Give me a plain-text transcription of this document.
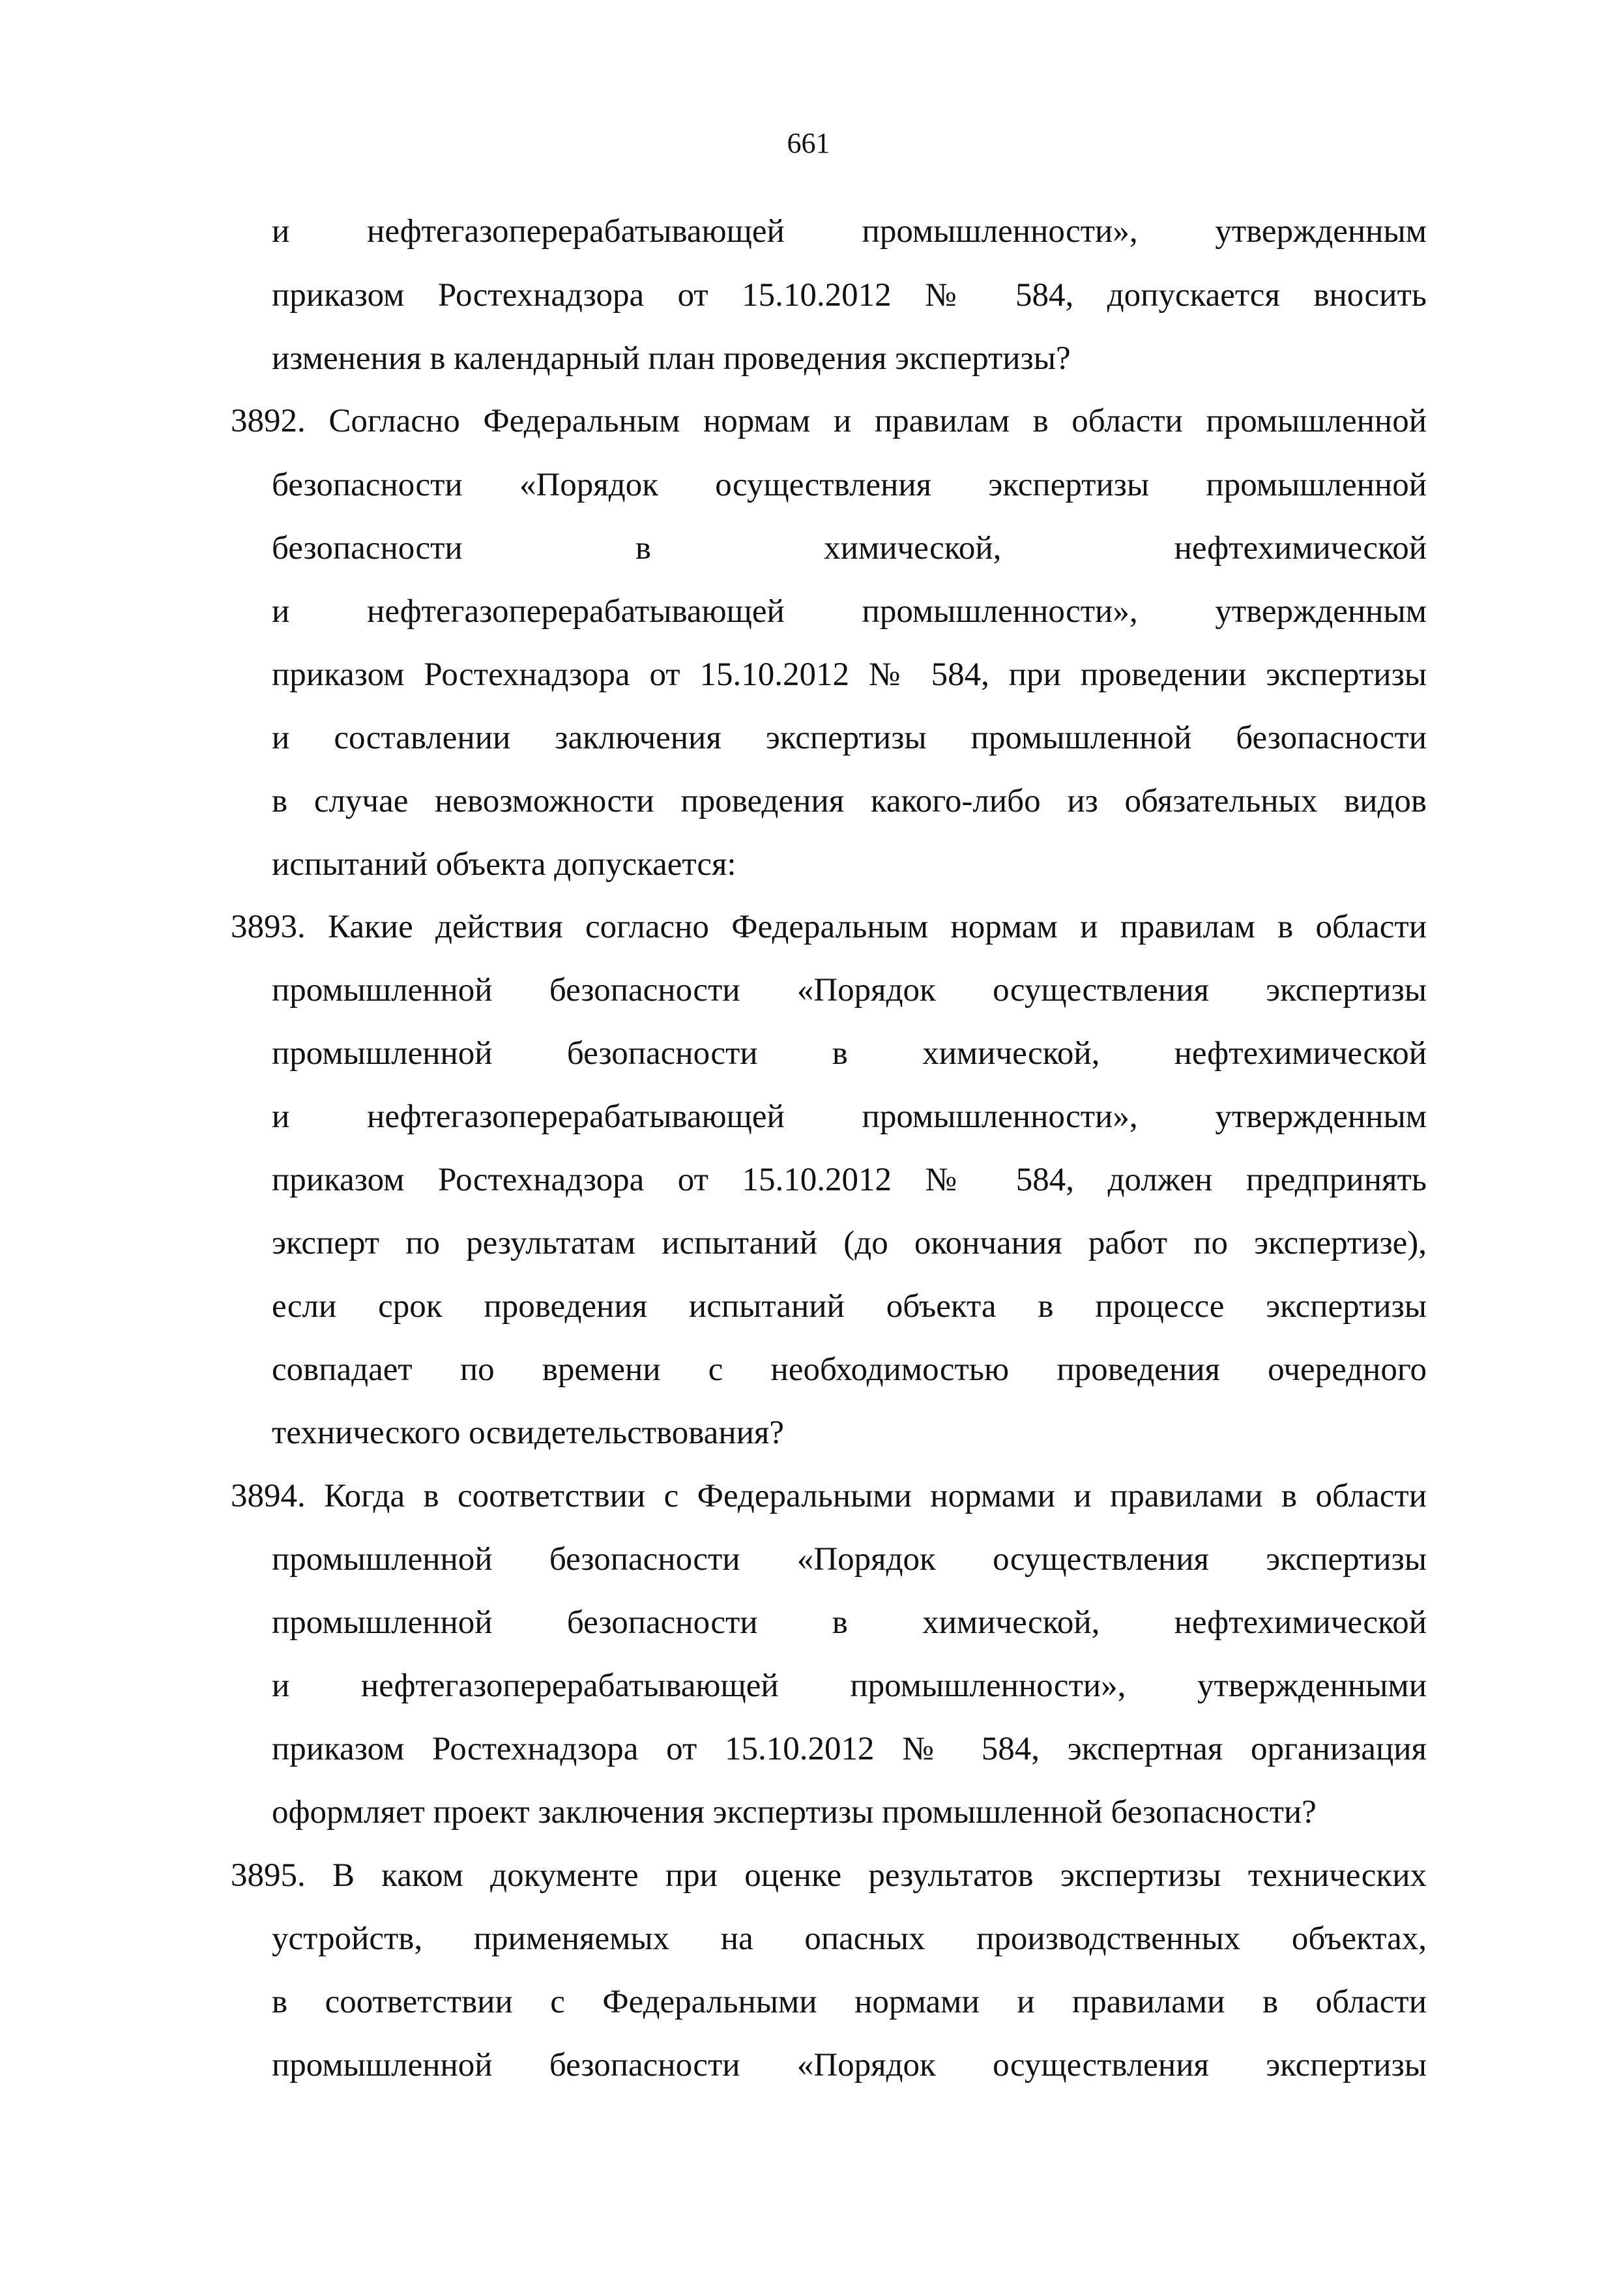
661
и нефтегазоперерабатывающей промышленности», утвержденным
приказом Ростехнадзора от 15.10.2012 № 584, допускается вносить
изменения в календарный план проведения экспертизы?
3892. Согласно Федеральным нормам и правилам в области промышленной
безопасности «Порядок осуществления экспертизы промышленной
безопасности в химической, нефтехимической
и нефтегазоперерабатывающей промышленности», утвержденным
приказом Ростехнадзора от 15.10.2012 № 584, при проведении экспертизы
и составлении заключения экспертизы промышленной безопасности
в случае невозможности проведения какого-либо из обязательных видов
испытаний объекта допускается:
3893. Какие действия согласно Федеральным нормам и правилам в области
промышленной безопасности «Порядок осуществления экспертизы
промышленной безопасности в химической, нефтехимической
и нефтегазоперерабатывающей промышленности», утвержденным
приказом Ростехнадзора от 15.10.2012 № 584, должен предпринять
эксперт по результатам испытаний (до окончания работ по экспертизе),
если срок проведения испытаний объекта в процессе экспертизы
совпадает по времени с необходимостью проведения очередного
технического освидетельствования?
3894. Когда в соответствии с Федеральными нормами и правилами в области
промышленной безопасности «Порядок осуществления экспертизы
промышленной безопасности в химической, нефтехимической
и нефтегазоперерабатывающей промышленности», утвержденными
приказом Ростехнадзора от 15.10.2012 № 584, экспертная организация
оформляет проект заключения экспертизы промышленной безопасности?
3895. В каком документе при оценке результатов экспертизы технических
устройств, применяемых на опасных производственных объектах,
в соответствии с Федеральными нормами и правилами в области
промышленной безопасности «Порядок осуществления экспертизы
